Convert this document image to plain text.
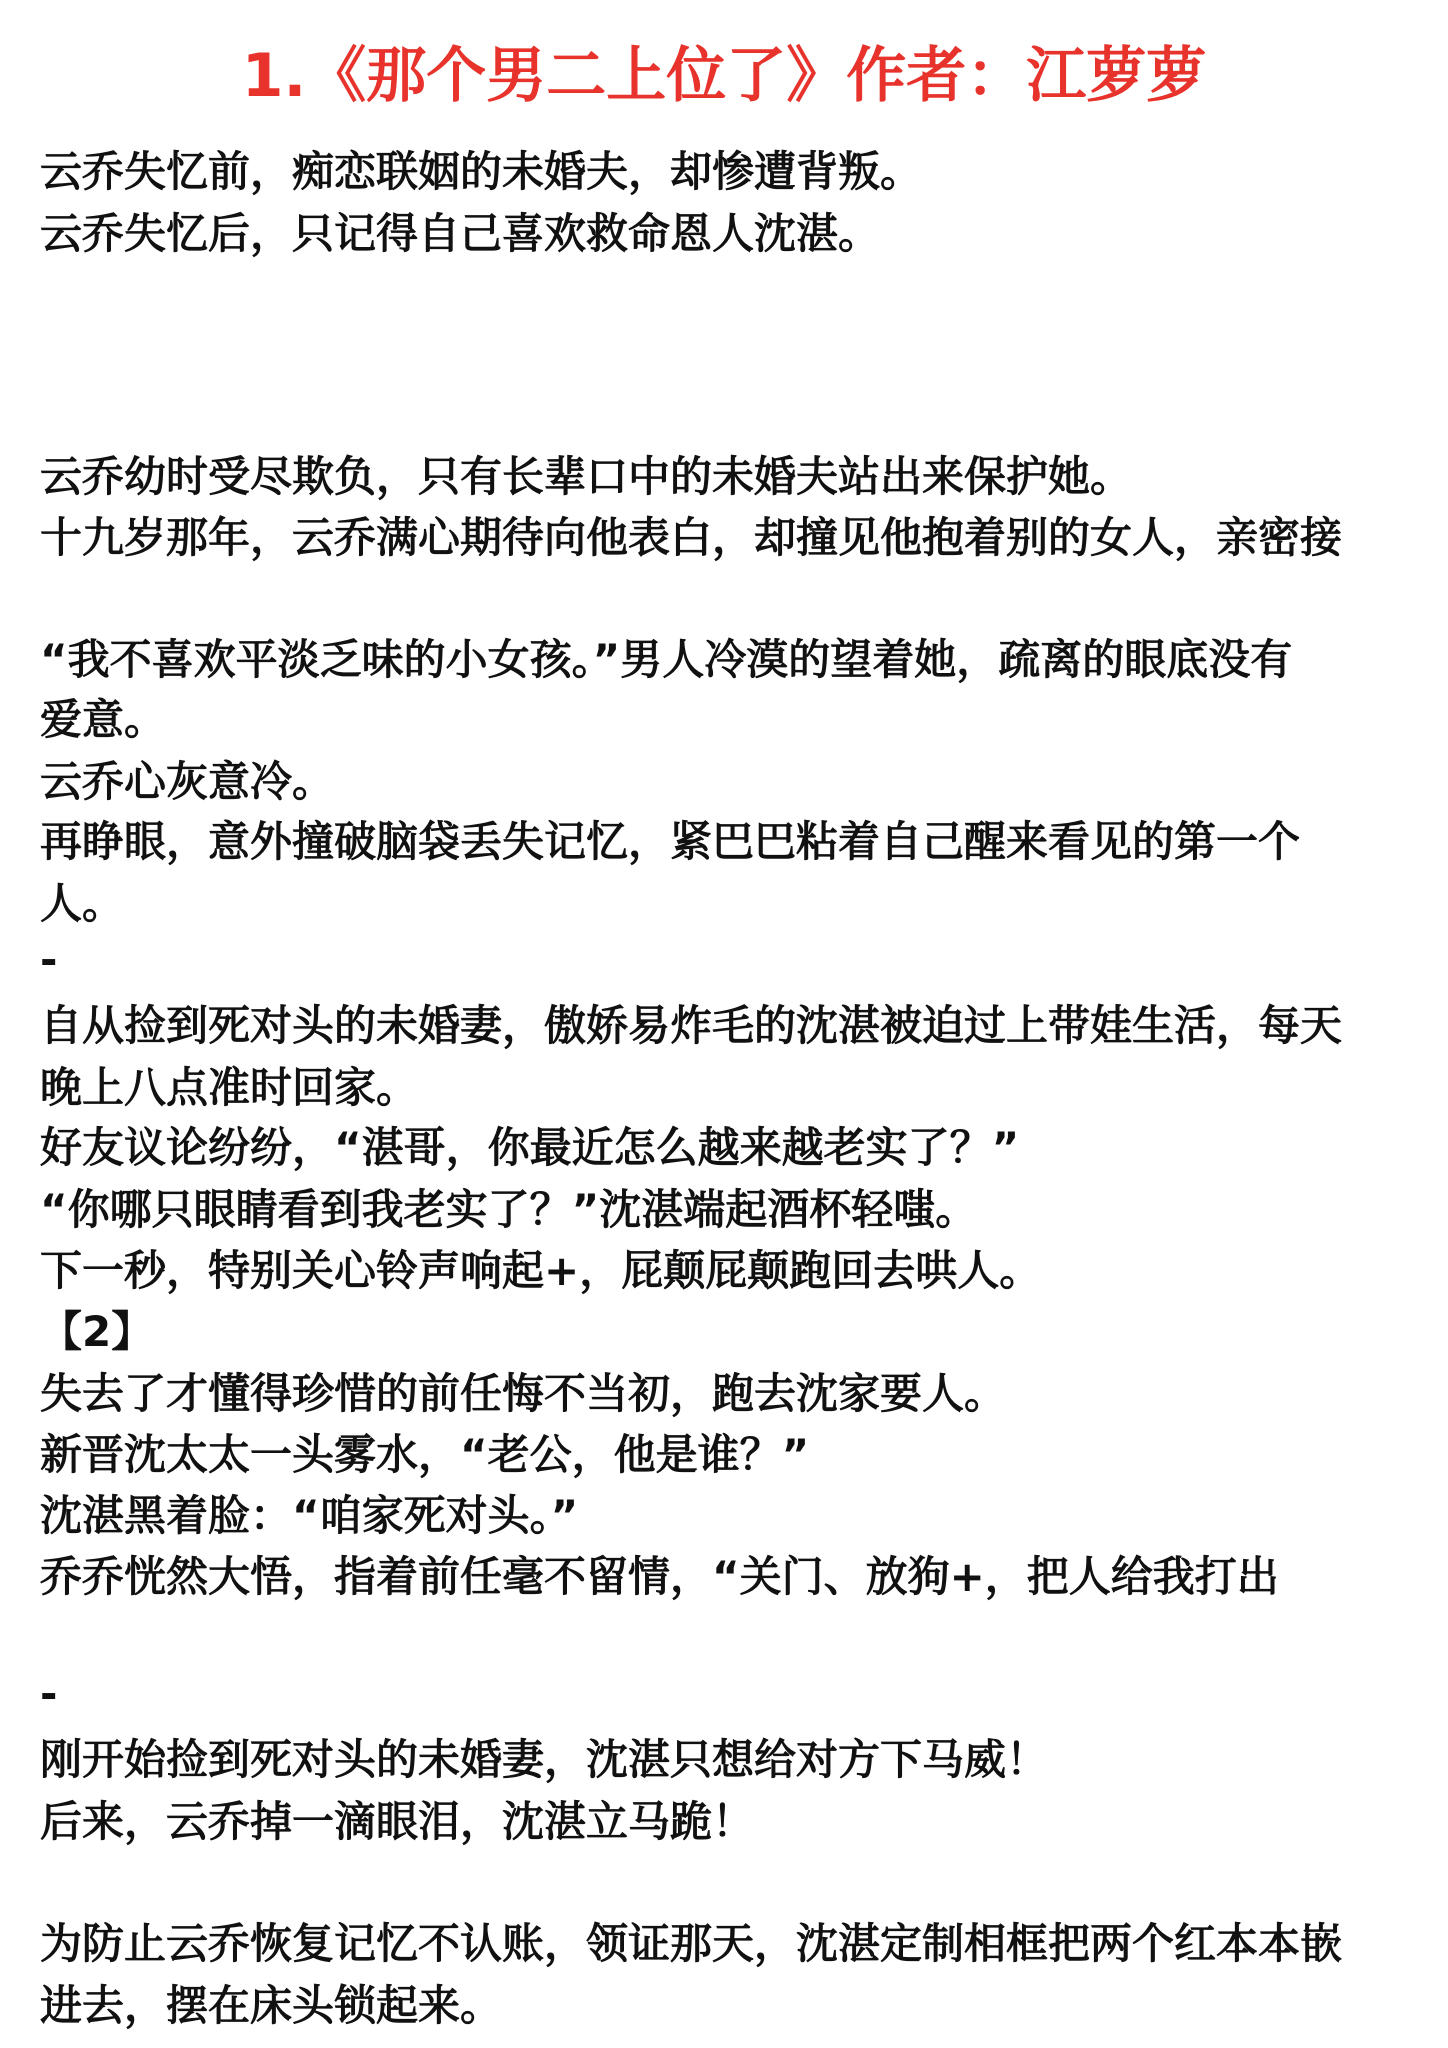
1.《那个男二上位了》作者：江萝萝
云乔失忆前，痴恋联姻的未婚夫，却惨遭背叛。
云乔失忆后，只记得自己喜欢救命恩人沈湛。
云乔幼时受尽欺负，只有长辈口中的未婚夫站出来保护她。
十九岁那年，云乔满心期待向他表白，却撞见他抱着别的女人，亲密接
“我不喜欢平淡乏味的小女孩。”男人冷漠的望着她，疏离的眼底没有
爱意。
云乔心灰意冷。
再睁眼，意外撞破脑袋丢失记忆，紧巴巴粘着自己醒来看见的第一个
人。
-
自从捡到死对头的未婚妻，傲娇易炸毛的沈湛被迫过上带娃生活，每天
晚上八点准时回家。
好友议论纷纷，“湛哥，你最近怎么越来越老实了？”
“你哪只眼睛看到我老实了？”沈湛端起酒杯轻嗤。
下一秒，特别关心铃声响起+，屁颠屁颠跑回去哄人。
【2】
失去了才懂得珍惜的前任悔不当初，跑去沈家要人。
新晋沈太太一头雾水，“老公，他是谁？”
沈湛黑着脸：“咱家死对头。”
乔乔恍然大悟，指着前任毫不留情，“关门、放狗+，把人给我打出
-
刚开始捡到死对头的未婚妻，沈湛只想给对方下马威！
后来，云乔掉一滴眼泪，沈湛立马跪！
为防止云乔恢复记忆不认账，领证那天，沈湛定制相框把两个红本本嵌
进去，摆在床头锁起来。
